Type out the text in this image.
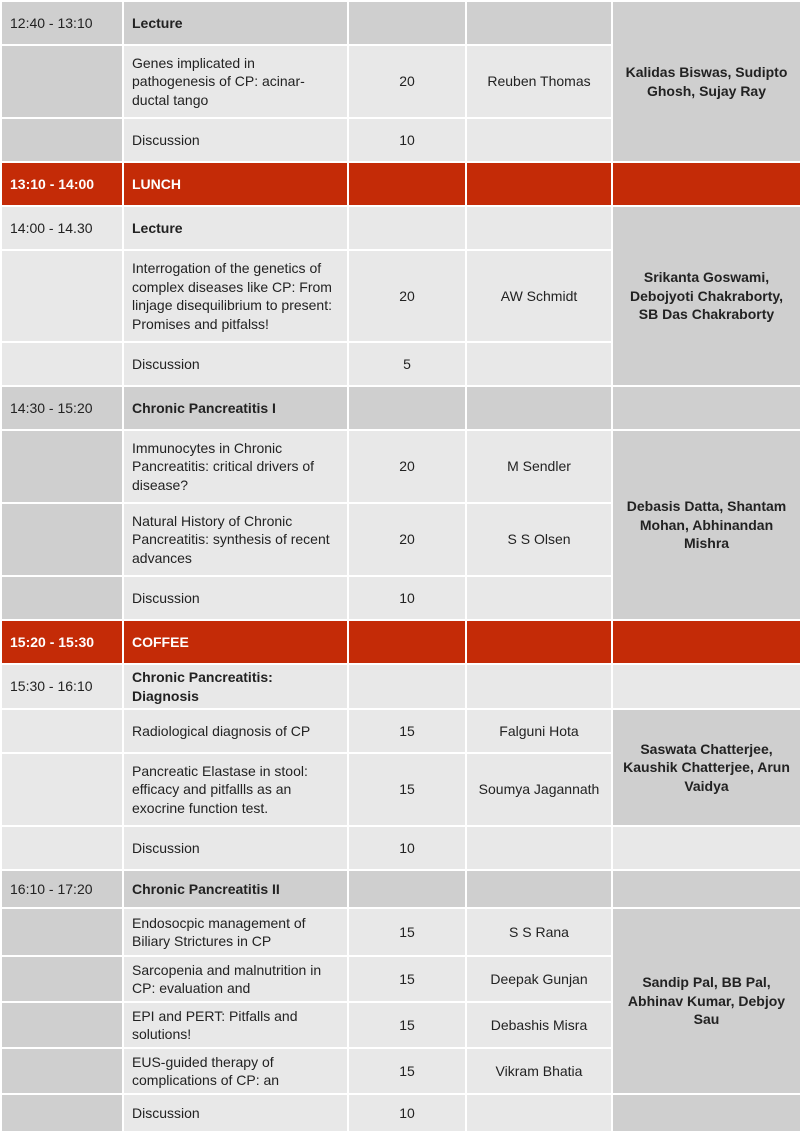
12:40 - 13:10	Lecture			Kalidas Biswas, Sudipto Ghosh, Sujay Ray
	Genes implicated in pathogenesis of CP: acinar-ductal tango	20	Reuben Thomas	
	Discussion	10		
13:10 - 14:00	LUNCH			
14:00 - 14.30	Lecture			Srikanta Goswami, Debojyoti Chakraborty, SB Das Chakraborty
	Interrogation of the genetics of complex diseases like CP: From linjage disequilibrium to present: Promises and pitfalss!	20	AW Schmidt	
	Discussion	5		
14:30 - 15:20	Chronic Pancreatitis I			
	Immunocytes in Chronic Pancreatitis: critical drivers of disease?	20	M Sendler	Debasis Datta, Shantam Mohan, Abhinandan Mishra
	Natural History of Chronic Pancreatitis: synthesis of recent advances	20	S S Olsen	
	Discussion	10		
15:20 - 15:30	COFFEE			
15:30 - 16:10	Chronic Pancreatitis: Diagnosis			
	Radiological diagnosis of CP	15	Falguni Hota	Saswata Chatterjee, Kaushik Chatterjee, Arun Vaidya
	Pancreatic Elastase in stool: efficacy and pitfallls as an exocrine function test.	15	Soumya Jagannath	
	Discussion	10		
16:10 - 17:20	Chronic Pancreatitis II			
	Endosocpic management of Biliary Strictures in CP	15	S S Rana	Sandip Pal, BB Pal, Abhinav Kumar, Debjoy Sau
	Sarcopenia and malnutrition in CP: evaluation and	15	Deepak Gunjan	
	EPI and PERT: Pitfalls and solutions!	15	Debashis Misra	
	EUS-guided therapy of complications of CP: an	15	Vikram Bhatia	
	Discussion	10		
